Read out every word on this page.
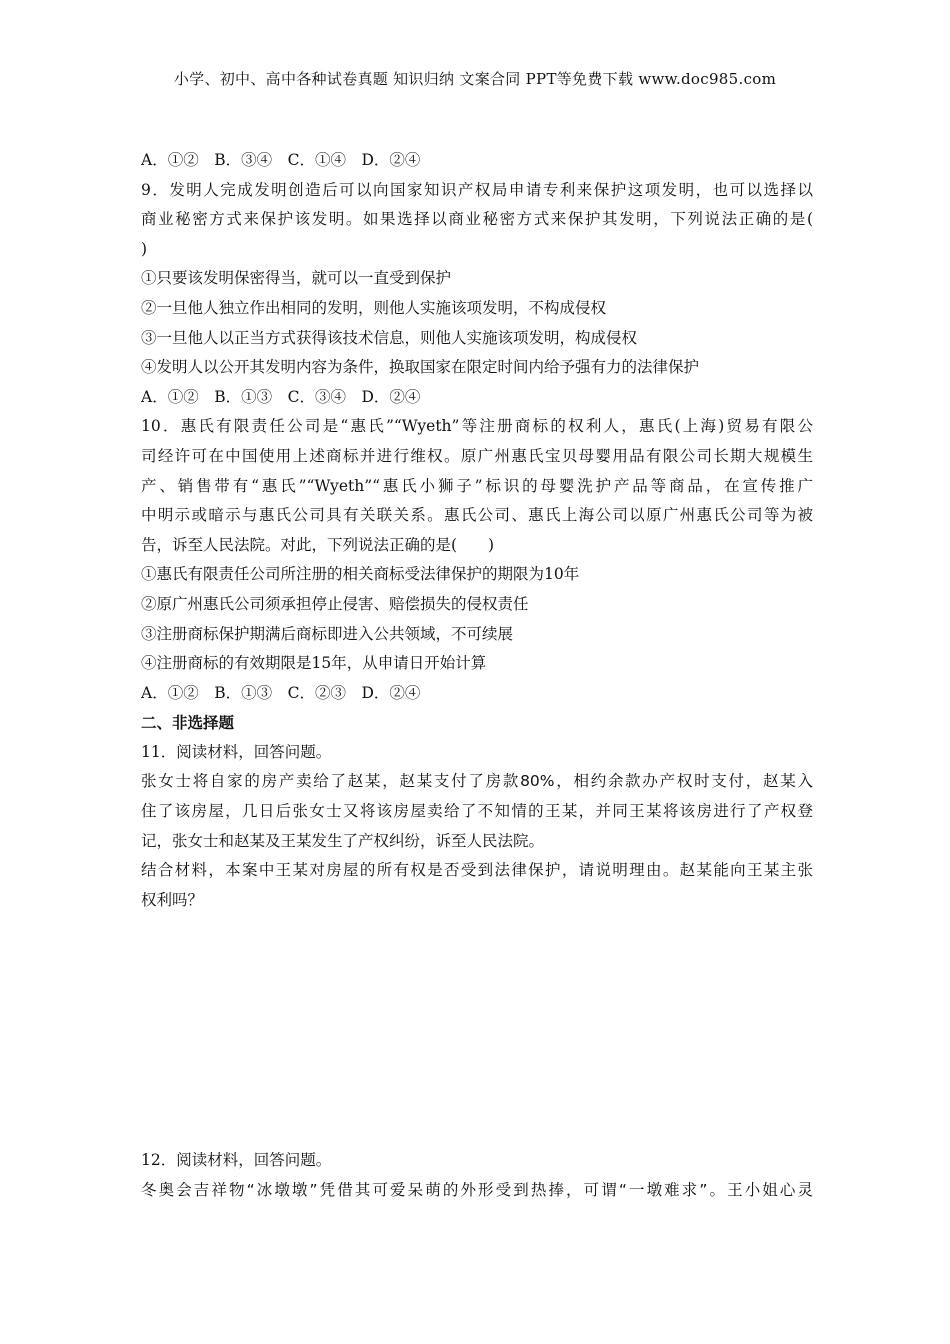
小学、初中、高中各种试卷真题 知识归纳 文案合同 PPT等免费下载 www.doc985.com
A．①②　B．③④　C．①④　D．②④
9．发明人完成发明创造后可以向国家知识产权局申请专利来保护这项发明，也可以选择以
商业秘密方式来保护该发明。如果选择以商业秘密方式来保护其发明，下列说法正确的是(
)
①只要该发明保密得当，就可以一直受到保护
②一旦他人独立作出相同的发明，则他人实施该项发明，不构成侵权
③一旦他人以正当方式获得该技术信息，则他人实施该项发明，构成侵权
④发明人以公开其发明内容为条件，换取国家在限定时间内给予强有力的法律保护
A．①②　B．①③　C．③④　D．②④
10．惠氏有限责任公司是“惠氏”“Wyeth”等注册商标的权利人，惠氏(上海)贸易有限公
司经许可在中国使用上述商标并进行维权。原广州惠氏宝贝母婴用品有限公司长期大规模生
产、销售带有“惠氏”“Wyeth”“惠氏小狮子”标识的母婴洗护产品等商品，在宣传推广
中明示或暗示与惠氏公司具有关联关系。惠氏公司、惠氏上海公司以原广州惠氏公司等为被
告，诉至人民法院。对此，下列说法正确的是(　　)
①惠氏有限责任公司所注册的相关商标受法律保护的期限为10年
②原广州惠氏公司须承担停止侵害、赔偿损失的侵权责任
③注册商标保护期满后商标即进入公共领域，不可续展
④注册商标的有效期限是15年，从申请日开始计算
A．①②　B．①③　C．②③　D．②④
二、非选择题
11．阅读材料，回答问题。
张女士将自家的房产卖给了赵某，赵某支付了房款80%，相约余款办产权时支付，赵某入
住了该房屋，几日后张女士又将该房屋卖给了不知情的王某，并同王某将该房进行了产权登
记，张女士和赵某及王某发生了产权纠纷，诉至人民法院。
结合材料，本案中王某对房屋的所有权是否受到法律保护，请说明理由。赵某能向王某主张
权利吗？
12．阅读材料，回答问题。
冬奥会吉祥物“冰墩墩”凭借其可爱呆萌的外形受到热捧，可谓“一墩难求”。王小姐心灵
